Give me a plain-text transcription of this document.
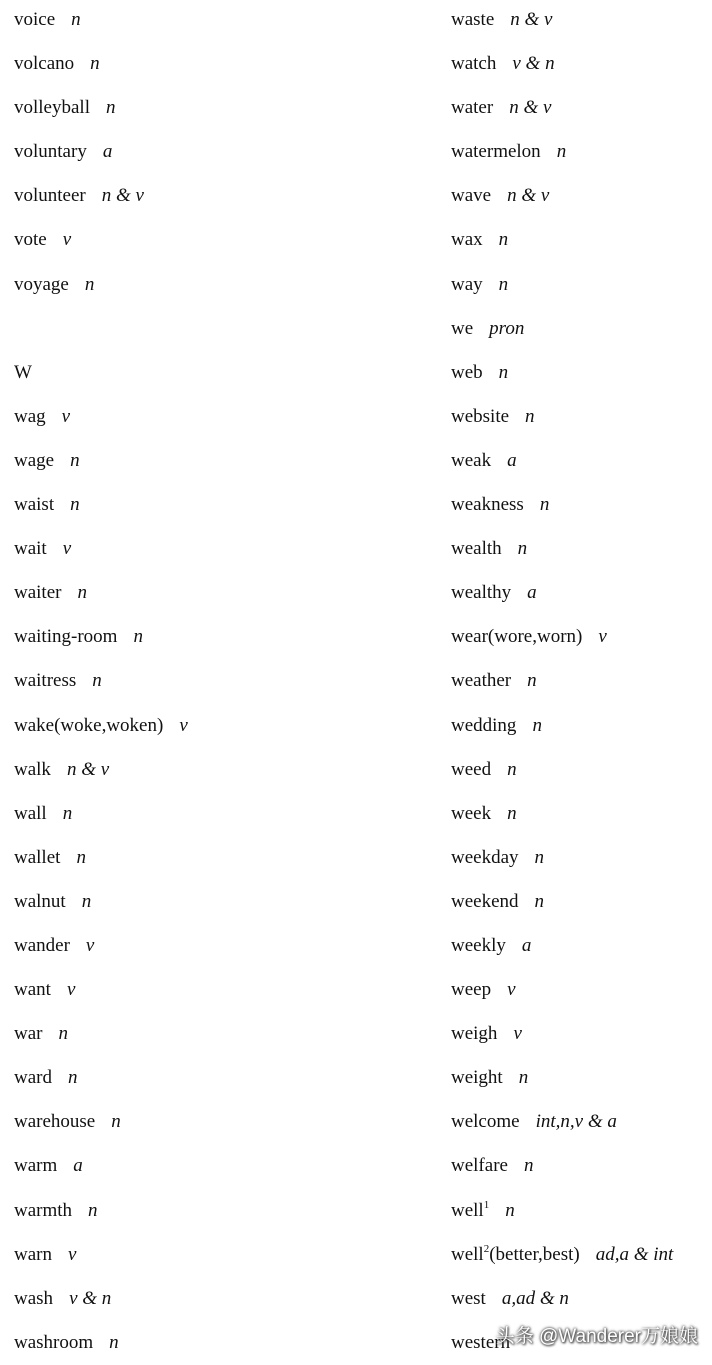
voice n
volcano n
volleyball n
voluntary a
volunteer n & v
vote v
voyage n
W
wag v
wage n
waist n
wait v
waiter n
waiting-room n
waitress n
wake(woke,woken) v
walk n & v
wall n
wallet n
walnut n
wander v
want v
war n
ward n
warehouse n
warm a
warmth n
warn v
wash v & n
washroom n
waste n & v
watch v & n
water n & v
watermelon n
wave n & v
wax n
way n
we pron
web n
website n
weak a
weakness n
wealth n
wealthy a
wear(wore,worn) v
weather n
wedding n
weed n
week n
weekday n
weekend n
weekly a
weep v
weigh v
weight n
welcome int,n,v & a
welfare n
well$^1$ n
well$^2$(better,best) ad,a & int
west a,ad & n
western
头条 @Wanderer万娘娘
